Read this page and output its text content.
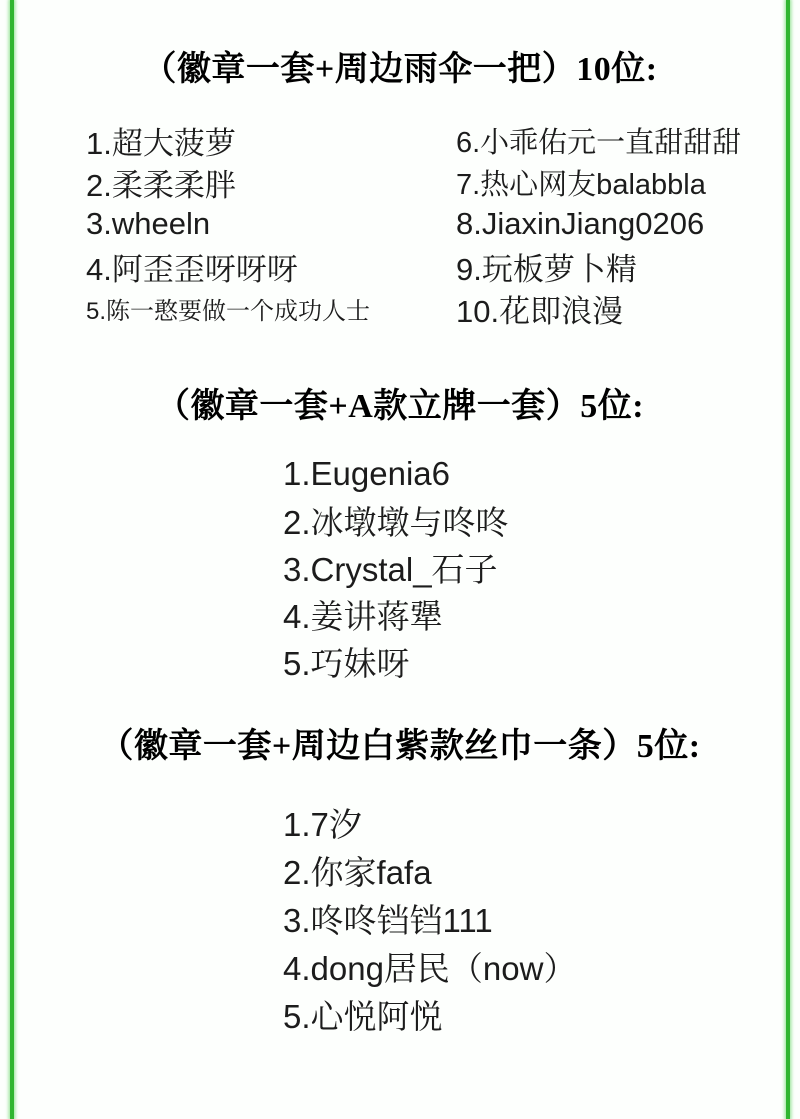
（徽章一套+周边雨伞一把）10位:
1.超大菠萝
2.柔柔柔胖
3.wheeln
4.阿歪歪呀呀呀
5.陈一憨要做一个成功人士
6.小乖佑元一直甜甜甜
7.热心网友balabbla
8.JiaxinJiang0206
9.玩板萝卜精
10.花即浪漫
（徽章一套+A款立牌一套）5位:
1.Eugenia6
2.冰墩墩与咚咚
3.Crystal_石子
4.姜讲蒋犟
5.巧妹呀
（徽章一套+周边白紫款丝巾一条）5位:
1.7汐
2.你家fafa
3.咚咚铛铛111
4.dong居民（now）
5.心悦阿悦
